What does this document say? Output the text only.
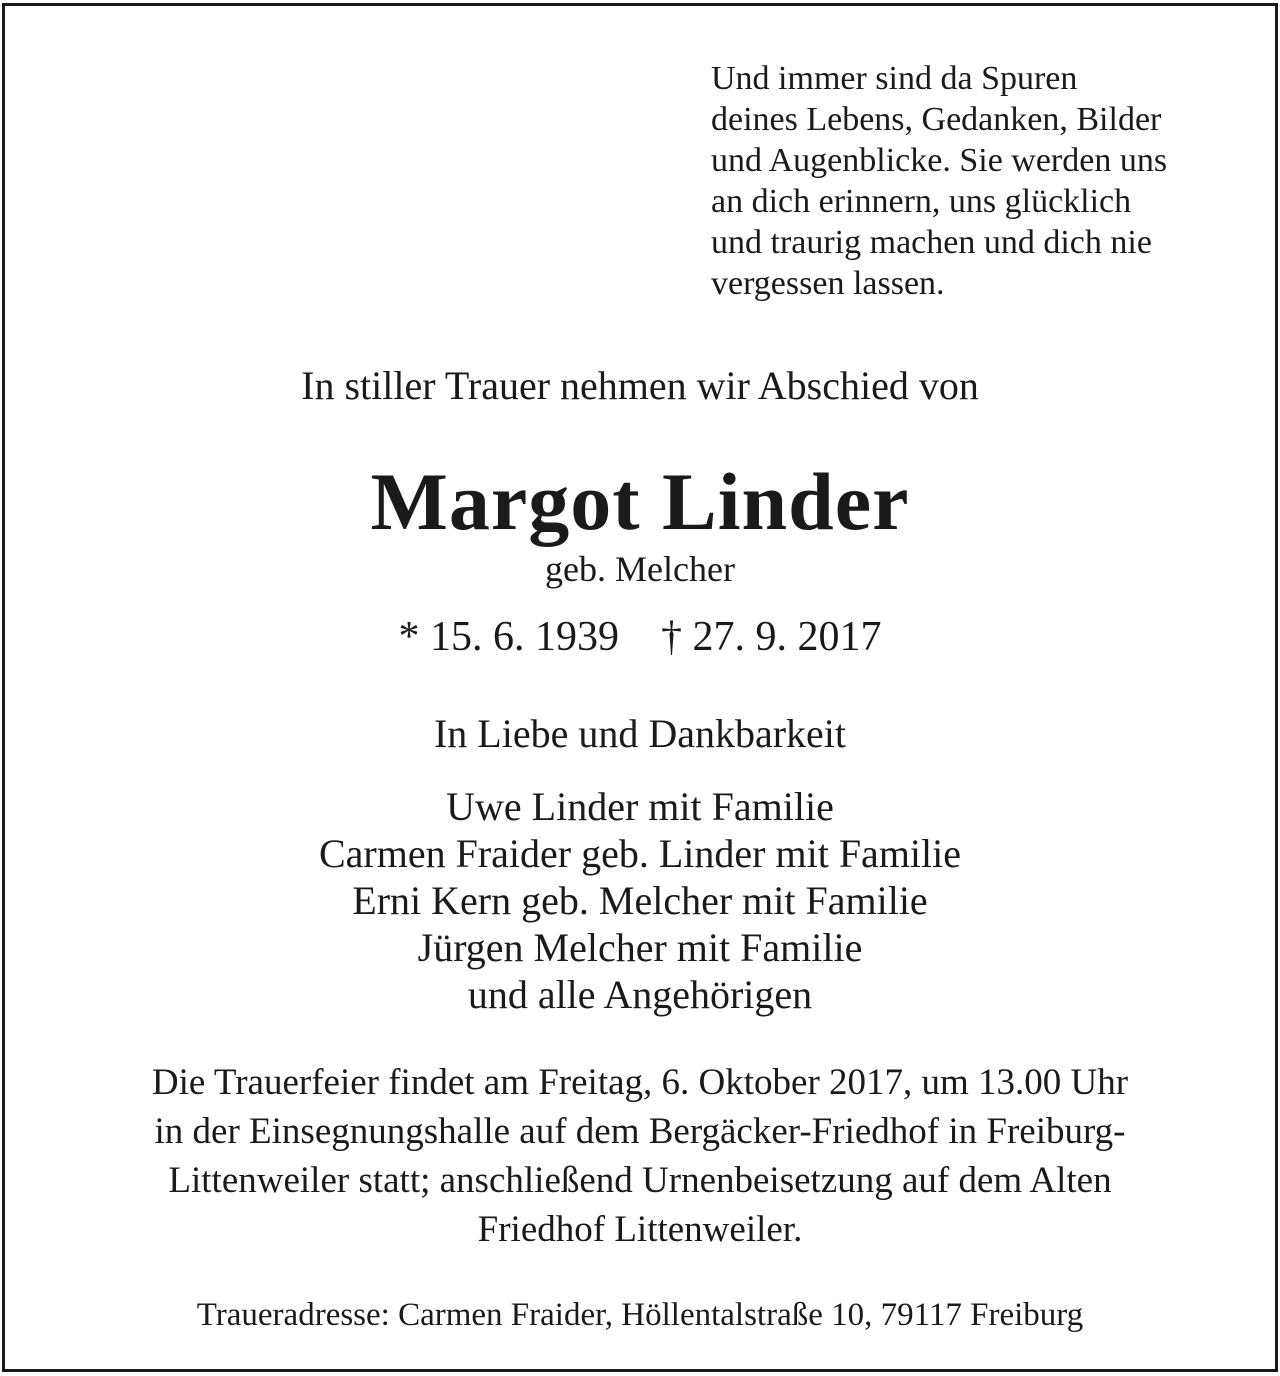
Und immer sind da Spuren
deines Lebens, Gedanken, Bilder
und Augenblicke. Sie werden uns
an dich erinnern, uns glücklich
und traurig machen und dich nie
vergessen lassen.
In stiller Trauer nehmen wir Abschied von
Margot Linder
geb. Melcher
* 15. 6. 1939 † 27. 9. 2017
In Liebe und Dankbarkeit
Uwe Linder mit Familie
Carmen Fraider geb. Linder mit Familie
Erni Kern geb. Melcher mit Familie
Jürgen Melcher mit Familie
und alle Angehörigen
Die Trauerfeier findet am Freitag, 6. Oktober 2017, um 13.00 Uhr
in der Einsegnungshalle auf dem Bergäcker-Friedhof in Freiburg-
Littenweiler statt; anschließend Urnenbeisetzung auf dem Alten
Friedhof Littenweiler.
Traueradresse: Carmen Fraider, Höllentalstraße 10, 79117 Freiburg
